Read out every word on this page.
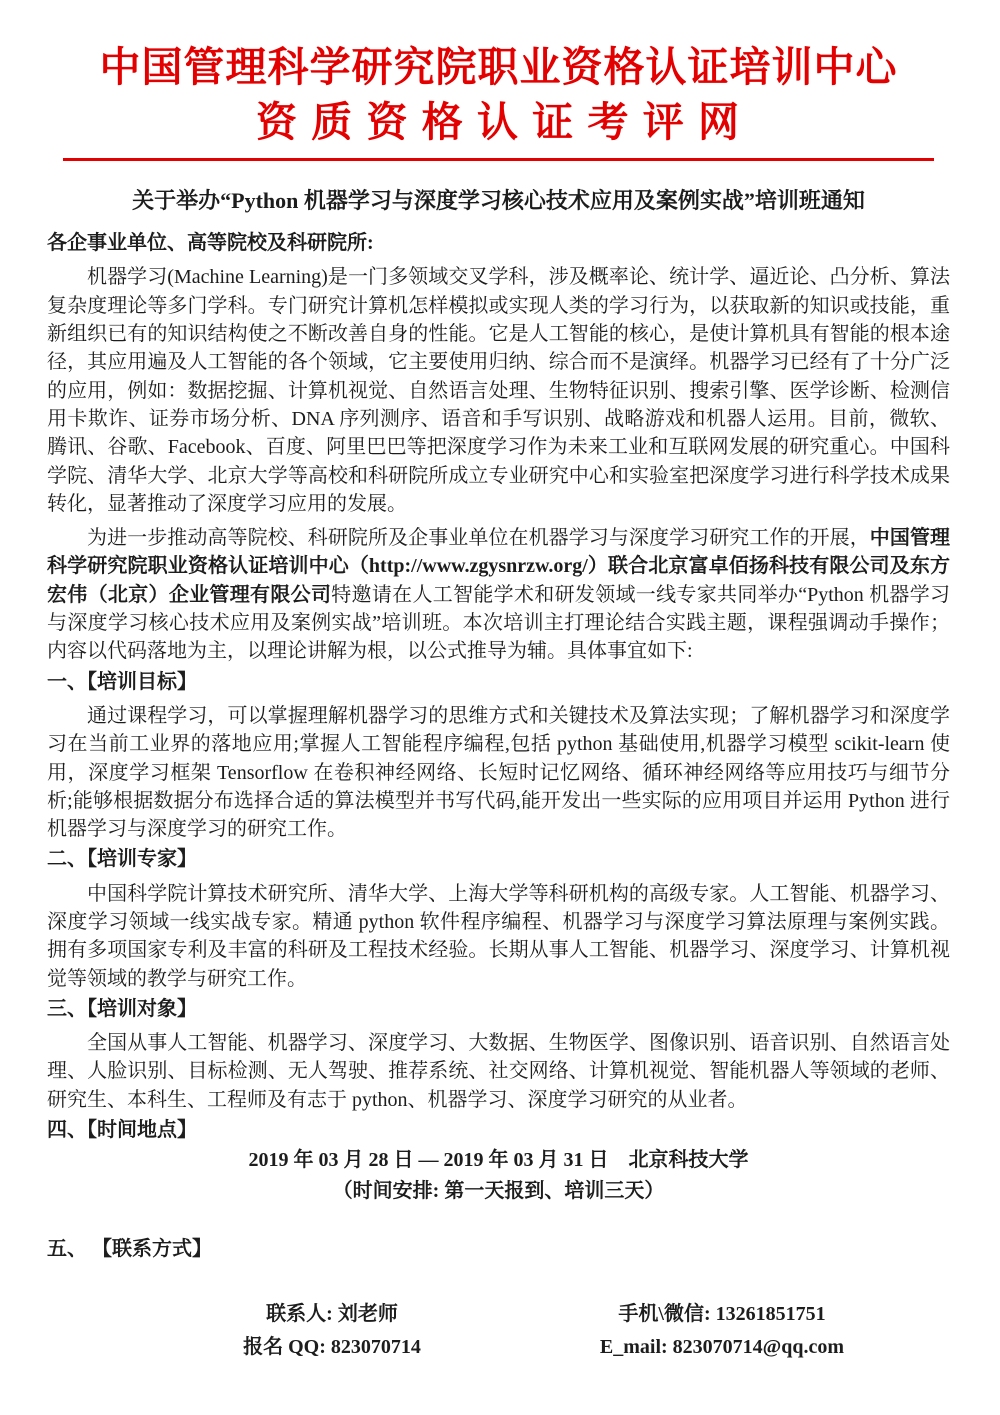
中国管理科学研究院职业资格认证培训中心
资 质 资 格 认 证 考 评 网
关于举办“Python 机器学习与深度学习核心技术应用及案例实战”培训班通知

各企事业单位、高等院校及科研院所:

机器学习(Machine Learning)是一门多领域交叉学科，涉及概率论、统计学、逼近论、凸分析、算法复杂度理论等多门学科。专门研究计算机怎样模拟或实现人类的学习行为，以获取新的知识或技能，重新组织已有的知识结构使之不断改善自身的性能。它是人工智能的核心，是使计算机具有智能的根本途径，其应用遍及人工智能的各个领域，它主要使用归纳、综合而不是演绎。机器学习已经有了十分广泛的应用，例如：数据挖掘、计算机视觉、自然语言处理、生物特征识别、搜索引擎、医学诊断、检测信用卡欺诈、证券市场分析、DNA 序列测序、语音和手写识别、战略游戏和机器人运用。目前，微软、腾讯、谷歌、Facebook、百度、阿里巴巴等把深度学习作为未来工业和互联网发展的研究重心。中国科学院、清华大学、北京大学等高校和科研院所成立专业研究中心和实验室把深度学习进行科学技术成果转化，显著推动了深度学习应用的发展。

为进一步推动高等院校、科研院所及企事业单位在机器学习与深度学习研究工作的开展，中国管理科学研究院职业资格认证培训中心（http://www.zgysnrzw.org/）联合北京富卓佰扬科技有限公司及东方宏伟（北京）企业管理有限公司特邀请在人工智能学术和研发领域一线专家共同举办“Python 机器学习与深度学习核心技术应用及案例实战”培训班。本次培训主打理论结合实践主题，课程强调动手操作；内容以代码落地为主，以理论讲解为根，以公式推导为辅。具体事宜如下:

一、【培训目标】

通过课程学习，可以掌握理解机器学习的思维方式和关键技术及算法实现；了解机器学习和深度学习在当前工业界的落地应用;掌握人工智能程序编程,包括 python 基础使用,机器学习模型 scikit-learn 使用，深度学习框架 Tensorflow 在卷积神经网络、长短时记忆网络、循环神经网络等应用技巧与细节分析;能够根据数据分布选择合适的算法模型并书写代码,能开发出一些实际的应用项目并运用 Python 进行机器学习与深度学习的研究工作。

二、【培训专家】

中国科学院计算技术研究所、清华大学、上海大学等科研机构的高级专家。人工智能、机器学习、深度学习领域一线实战专家。精通 python 软件程序编程、机器学习与深度学习算法原理与案例实践。拥有多项国家专利及丰富的科研及工程技术经验。长期从事人工智能、机器学习、深度学习、计算机视觉等领域的教学与研究工作。

三、【培训对象】

全国从事人工智能、机器学习、深度学习、大数据、生物医学、图像识别、语音识别、自然语言处理、人脸识别、目标检测、无人驾驶、推荐系统、社交网络、计算机视觉、智能机器人等领域的老师、研究生、本科生、工程师及有志于 python、机器学习、深度学习研究的从业者。

四、【时间地点】

2019 年 03 月 28 日 — 2019 年 03 月 31 日　北京科技大学

（时间安排: 第一天报到、培训三天）

五、 【联系方式】

联系人: 刘老师

报名 QQ: 823070714

手机\微信: 13261851751

E_mail: 823070714@qq.com
